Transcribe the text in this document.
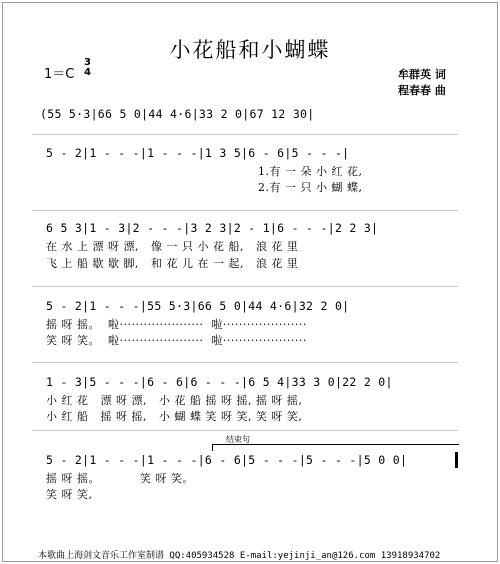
小花船和小蝴蝶
1＝C
3
4	牟群英 词
程春春 曲
(55 5·3|66 5 0|44 4·6|33 2 0|67 12 30|
5 - 2|1 - - -|1 - - -|1 3 5|6 - 6|5 - - -|
1.有 一 朵 小 红 花,
2.有 一 只 小 蝴 蝶,
6 5 3|1 - 3|2 - - -|3 2 3|2 - 1|6 - - -|2 2 3|
在 水 上 漂 呀 漂,   像 一 只 小 花 船,   浪 花 里
飞 上 船 歇 歇 脚,   和 花 儿 在 一 起,   浪 花 里
5 - 2|1 - - -|55 5·3|66 5 0|44 4·6|32 2 0|
摇 呀 摇。  啦·····················  啦·····················
笑 呀 笑。  啦·····················  啦·····················
1 - 3|5 - - -|6 - 6|6 - - -|6 5 4|33 3 0|22 2 0|
小 红 花   漂 呀 漂,   小 花 船 摇 呀 摇, 摇 呀 摇,
小 红 船   摇 呀 摇,   小 蝴 蝶 笑 呀 笑, 笑 呀 笑,
结束句
5 - 2|1 - - -|1 - - -|6 - 6|5 - - -|5 - - -|5 0 0|
摇 呀 摇。          笑 呀 笑。
笑 呀 笑,
本歌曲上海剑文音乐工作室制谱 QQ:405934528 E-mail:yejinji_an@126.com 13918934702
